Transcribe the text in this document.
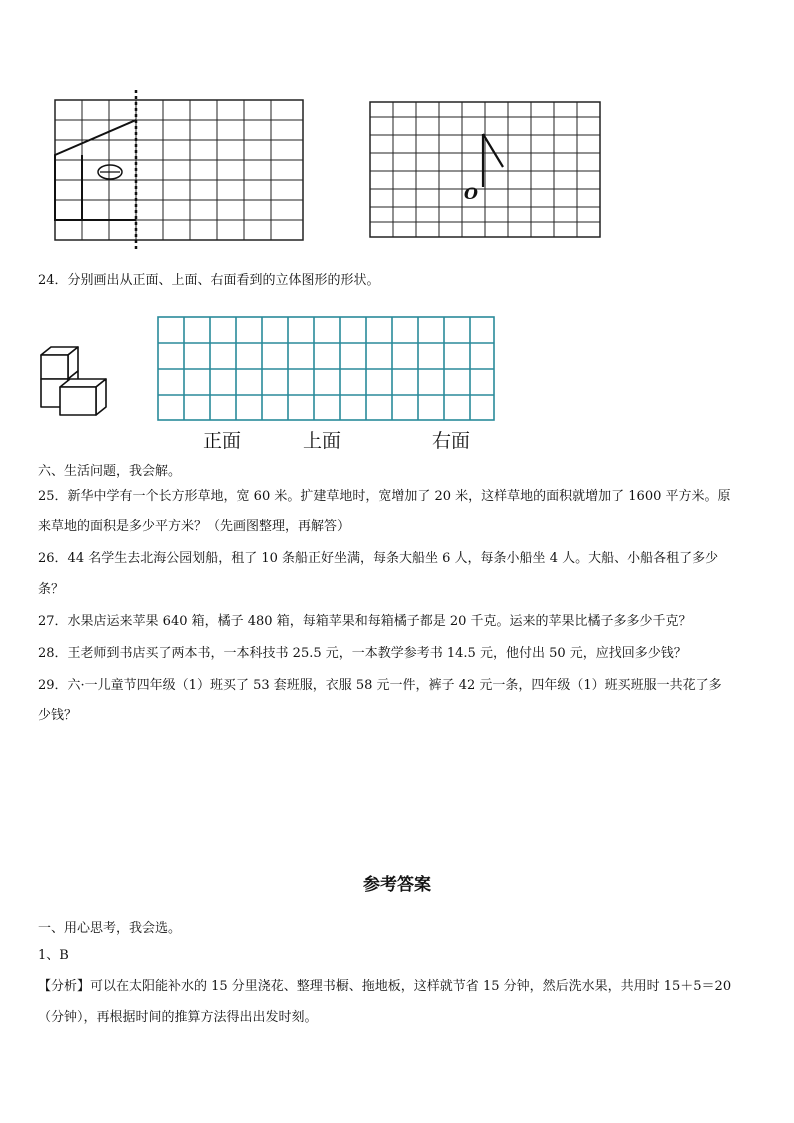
O
24．分别画出从正面、上面、右面看到的立体图形的形状。
正面	上面	右面
六、生活问题，我会解。
25．新华中学有一个长方形草地，宽 60 米。扩建草地时，宽增加了 20 米，这样草地的面积就增加了 1600 平方米。原
来草地的面积是多少平方米？（先画图整理，再解答）
26．44 名学生去北海公园划船，租了 10 条船正好坐满，每条大船坐 6 人，每条小船坐 4 人。大船、小船各租了多少
条？
27．水果店运来苹果 640 箱，橘子 480 箱，每箱苹果和每箱橘子都是 20 千克。运来的苹果比橘子多多少千克？
28．王老师到书店买了两本书，一本科技书 25.5 元，一本教学参考书 14.5 元，他付出 50 元，应找回多少钱？
29．六·一儿童节四年级（1）班买了 53 套班服，衣服 58 元一件，裤子 42 元一条，四年级（1）班买班服一共花了多
少钱？
参考答案
一、用心思考，我会选。
1、B
【分析】可以在太阳能补水的 15 分里浇花、整理书橱、拖地板，这样就节省 15 分钟，然后洗水果，共用时 15＋5＝20
（分钟），再根据时间的推算方法得出出发时刻。
